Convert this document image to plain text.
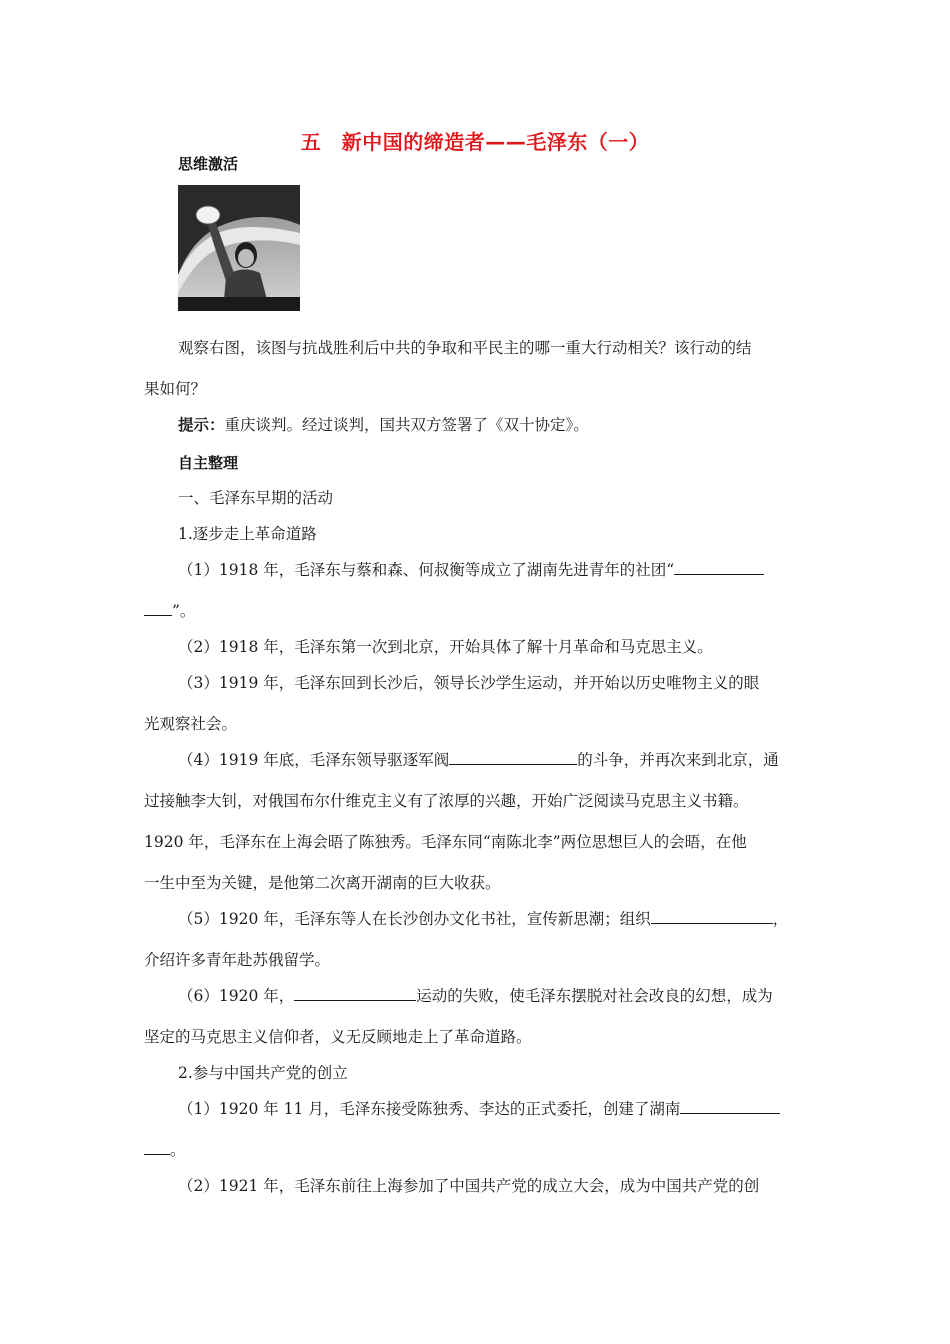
五　新中国的缔造者——毛泽东（一）
思维激活
观察右图，该图与抗战胜利后中共的争取和平民主的哪一重大行动相关？该行动的结
果如何？
提示：重庆谈判。经过谈判，国共双方签署了《双十协定》。
自主整理
一、毛泽东早期的活动
1.逐步走上革命道路
（1）1918 年，毛泽东与蔡和森、何叔衡等成立了湖南先进青年的社团“
”。
（2）1918 年，毛泽东第一次到北京，开始具体了解十月革命和马克思主义。
（3）1919 年，毛泽东回到长沙后，领导长沙学生运动，并开始以历史唯物主义的眼
光观察社会。
（4）1919 年底，毛泽东领导驱逐军阀	的斗争，并再次来到北京，通
过接触李大钊，对俄国布尔什维克主义有了浓厚的兴趣，开始广泛阅读马克思主义书籍。
1920 年，毛泽东在上海会晤了陈独秀。毛泽东同“南陈北李”两位思想巨人的会晤，在他
一生中至为关键，是他第二次离开湖南的巨大收获。
（5）1920 年，毛泽东等人在长沙创办文化书社，宣传新思潮；组织	，
介绍许多青年赴苏俄留学。
（6）1920 年，	运动的失败，使毛泽东摆脱对社会改良的幻想，成为
坚定的马克思主义信仰者，义无反顾地走上了革命道路。
2.参与中国共产党的创立
（1）1920 年 11 月，毛泽东接受陈独秀、李达的正式委托，创建了湖南
。
（2）1921 年，毛泽东前往上海参加了中国共产党的成立大会，成为中国共产党的创
